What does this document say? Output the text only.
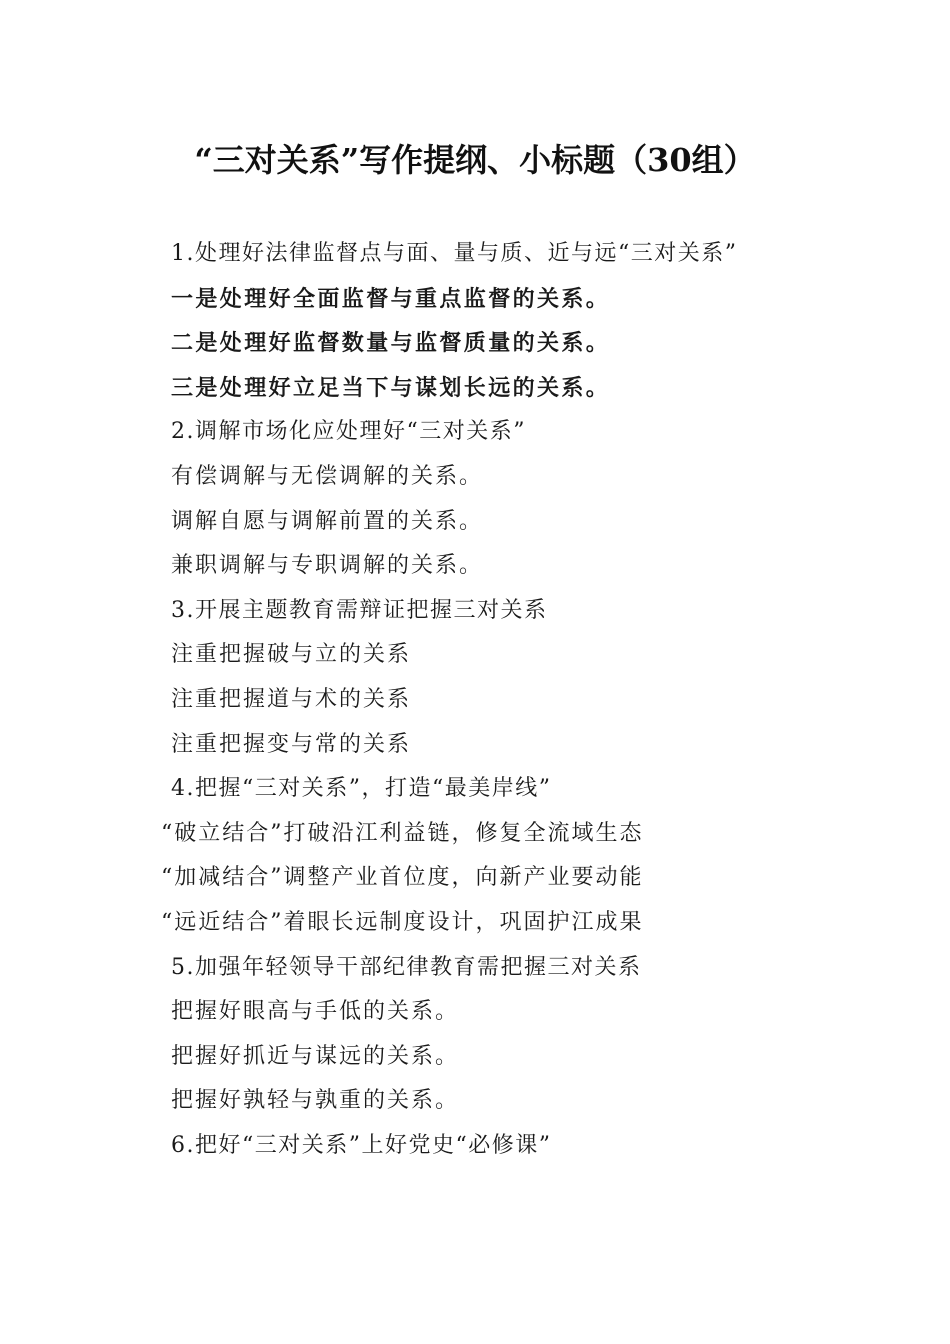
“三对关系”写作提纲、小标题（30组）
1.处理好法律监督点与面、量与质、近与远“三对关系”
一是处理好全面监督与重点监督的关系。
二是处理好监督数量与监督质量的关系。
三是处理好立足当下与谋划长远的关系。
2.调解市场化应处理好“三对关系”
有偿调解与无偿调解的关系。
调解自愿与调解前置的关系。
兼职调解与专职调解的关系。
3.开展主题教育需辩证把握三对关系
注重把握破与立的关系
注重把握道与术的关系
注重把握变与常的关系
4.把握“三对关系”，打造“最美岸线”
“破立结合”打破沿江利益链，修复全流域生态
“加减结合”调整产业首位度，向新产业要动能
“远近结合”着眼长远制度设计，巩固护江成果
5.加强年轻领导干部纪律教育需把握三对关系
把握好眼高与手低的关系。
把握好抓近与谋远的关系。
把握好孰轻与孰重的关系。
6.把好“三对关系”上好党史“必修课”
